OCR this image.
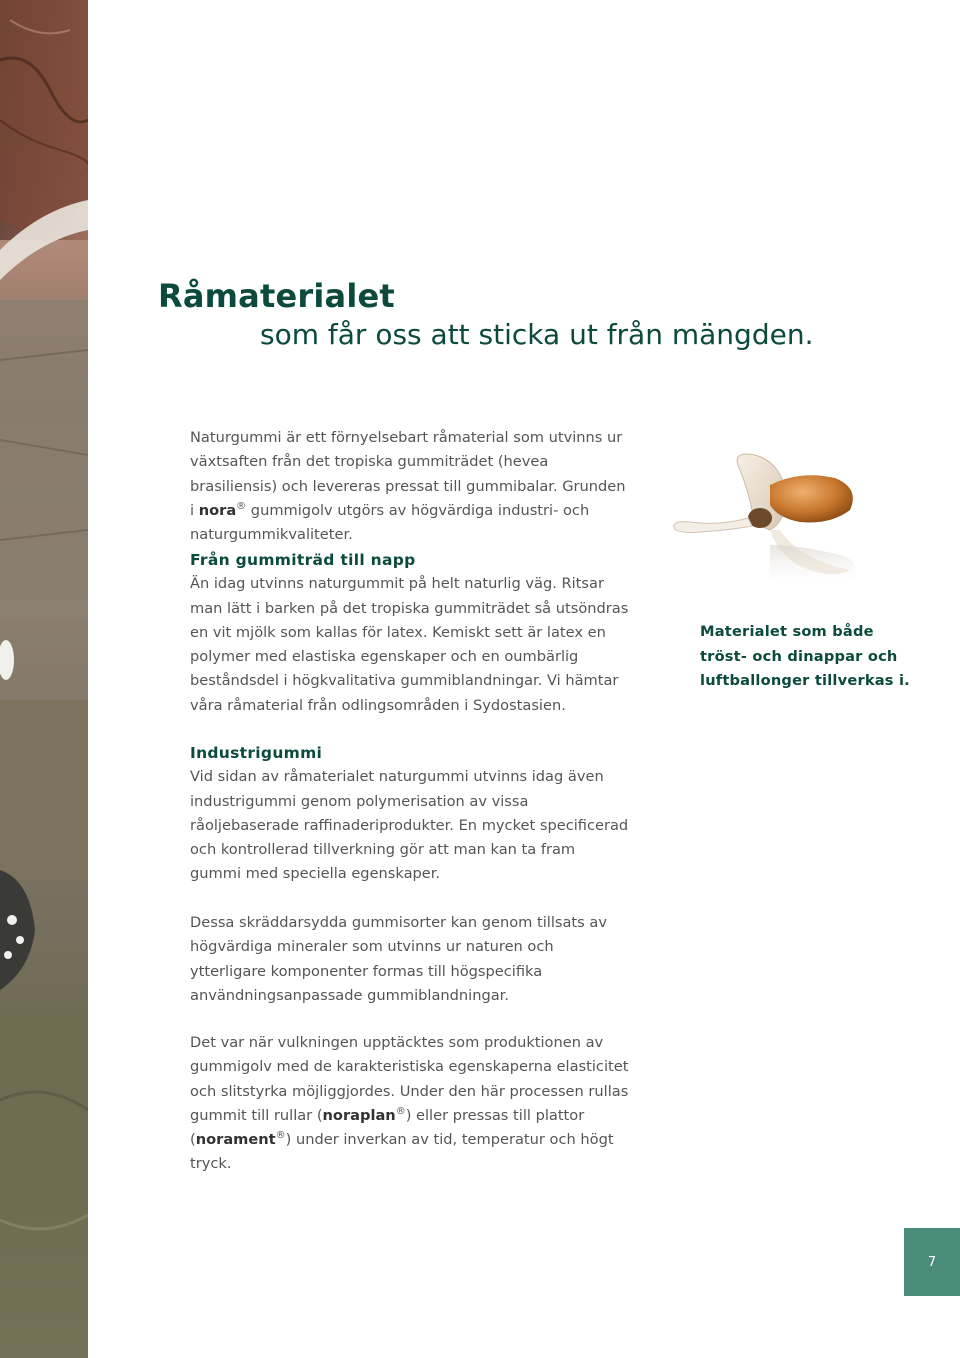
Råmaterialet
som får oss att sticka ut från mängden.

Naturgummi är ett förnyelsebart råmaterial som utvinns ur växtsaften från det tropiska gummiträdet (hevea brasiliensis) och levereras pressat till gummibalar. Grunden i nora® gummigolv utgörs av högvärdiga industri- och naturgummikvaliteter.

Från gummiträd till napp

Än idag utvinns naturgummit på helt naturlig väg. Ritsar man lätt i barken på det tropiska gummiträdet så utsöndras en vit mjölk som kallas för latex. Kemiskt sett är latex en polymer med elastiska egenskaper och en oumbärlig beståndsdel i högkvalitativa gummiblandningar. Vi hämtar våra råmaterial från odlingsområden i Sydostasien.

Materialet som både
tröst- och dinappar och
luftballonger tillverkas i.
Industrigummi

Vid sidan av råmaterialet naturgummi utvinns idag även industrigummi genom polymerisation av vissa råoljebaserade raffinaderiprodukter. En mycket specificerad och kontrollerad tillverkning gör att man kan ta fram gummi med speciella egenskaper.

Dessa skräddarsydda gummisorter kan genom tillsats av högvärdiga mineraler som utvinns ur naturen och ytterligare komponenter formas till högspecifika användningsanpassade gummiblandningar.

Det var när vulkningen upptäcktes som produktionen av gummigolv med de karakteristiska egenskaperna elasticitet och slitstyrka möjliggjordes. Under den här processen rullas gummit till rullar (noraplan®) eller pressas till plattor (norament®) under inverkan av tid, temperatur och högt tryck.

7
